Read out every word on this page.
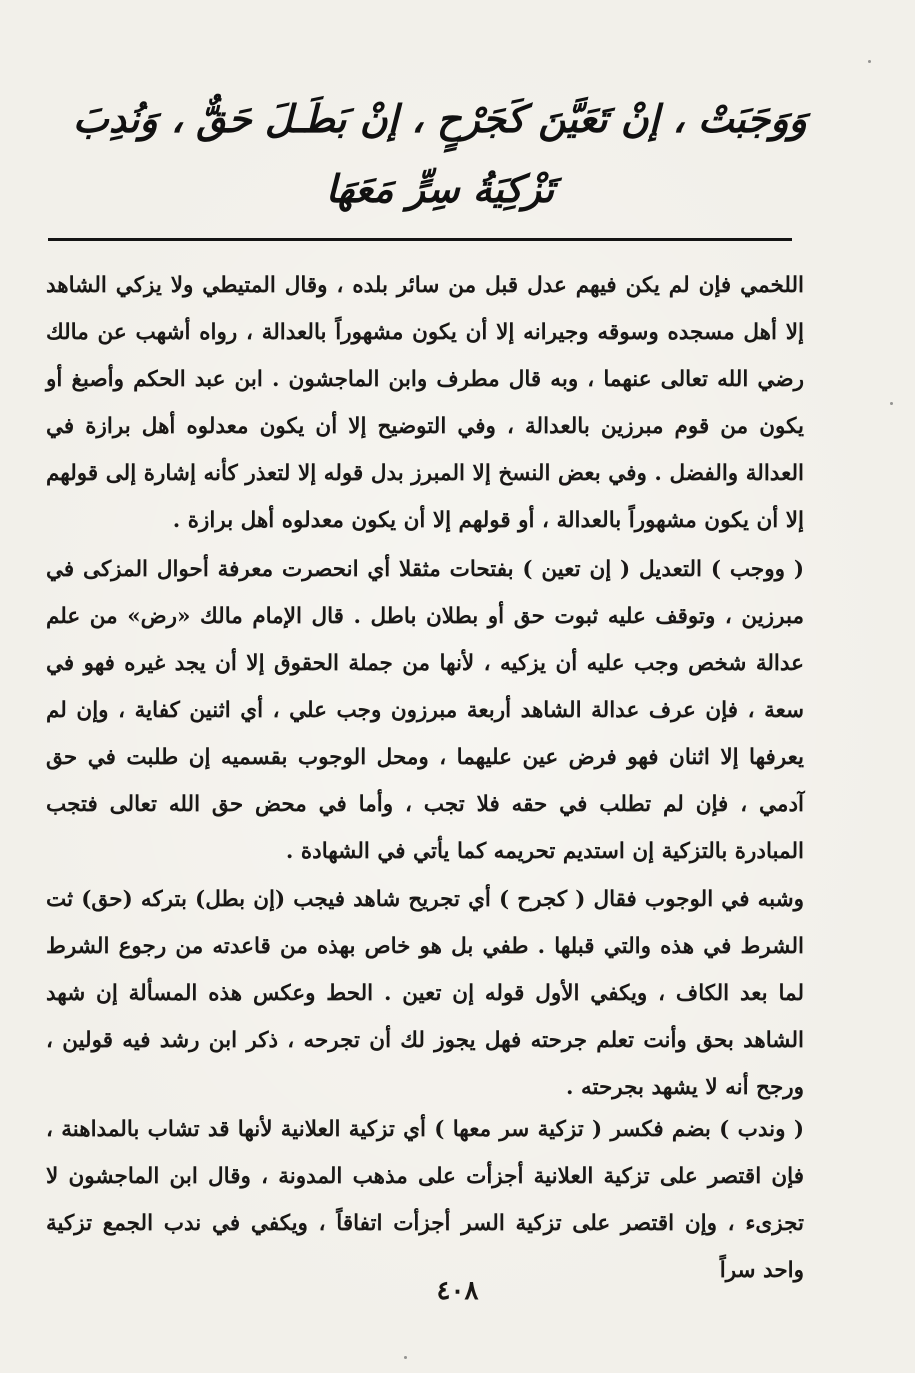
وَوَجَبَتْ ، إنْ تَعَيَّنَ كَجَرْحٍ ، إنْ بَطَـلَ حَقٌّ ، وَنُدِبَ
تَزْكِيَةُ سِرٍّ مَعَهَا

اللخمي فإن لم يكن فيهم عدل قبل من سائر بلده ، وقال المتيطي ولا يزكي الشاهد إلا أهل مسجده وسوقه وجيرانه إلا أن يكون مشهوراً بالعدالة ، رواه أشهب عن مالك رضي الله تعالى عنهما ، وبه قال مطرف وابن الماجشون . ابن عبد الحكم وأصبغ أو يكون من قوم مبرزين بالعدالة ، وفي التوضيح إلا أن يكون معدلوه أهل برازة في العدالة والفضل . وفي بعض النسخ إلا المبرز بدل قوله إلا لتعذر كأنه إشارة إلى قولهم إلا أن يكون مشهوراً بالعدالة ، أو قولهم إلا أن يكون معدلوه أهل برازة .

( ووجب ) التعديل ( إن تعين ) بفتحات مثقلا أي انحصرت معرفة أحوال المزكى في مبرزين ، وتوقف عليه ثبوت حق أو بطلان باطل . قال الإمام مالك «رض» من علم عدالة شخص وجب عليه أن يزكيه ، لأنها من جملة الحقوق إلا أن يجد غيره فهو في سعة ، فإن عرف عدالة الشاهد أربعة مبرزون وجب علي ، أي اثنين كفاية ، وإن لم يعرفها إلا اثنان فهو فرض عين عليهما ، ومحل الوجوب بقسميه إن طلبت في حق آدمي ، فإن لم تطلب في حقه فلا تجب ، وأما في محض حق الله تعالى فتجب المبادرة بالتزكية إن استديم تحريمه كما يأتي في الشهادة .

وشبه في الوجوب فقال ( كجرح ) أي تجريح شاهد فيجب (إن بطل) بتركه (حق) ثت الشرط في هذه والتي قبلها . طفي بل هو خاص بهذه من قاعدته من رجوع الشرط لما بعد الكاف ، ويكفي الأول قوله إن تعين . الحط وعكس هذه المسألة إن شهد الشاهد بحق وأنت تعلم جرحته فهل يجوز لك أن تجرحه ، ذكر ابن رشد فيه قولين ، ورجح أنه لا يشهد بجرحته .

( وندب ) بضم فكسر ( تزكية سر معها ) أي تزكية العلانية لأنها قد تشاب بالمداهنة ، فإن اقتصر على تزكية العلانية أجزأت على مذهب المدونة ، وقال ابن الماجشون لا تجزىء ، وإن اقتصر على تزكية السر أجزأت اتفاقاً ، ويكفي في ندب الجمع تزكية واحد سراً

٤٠٨
